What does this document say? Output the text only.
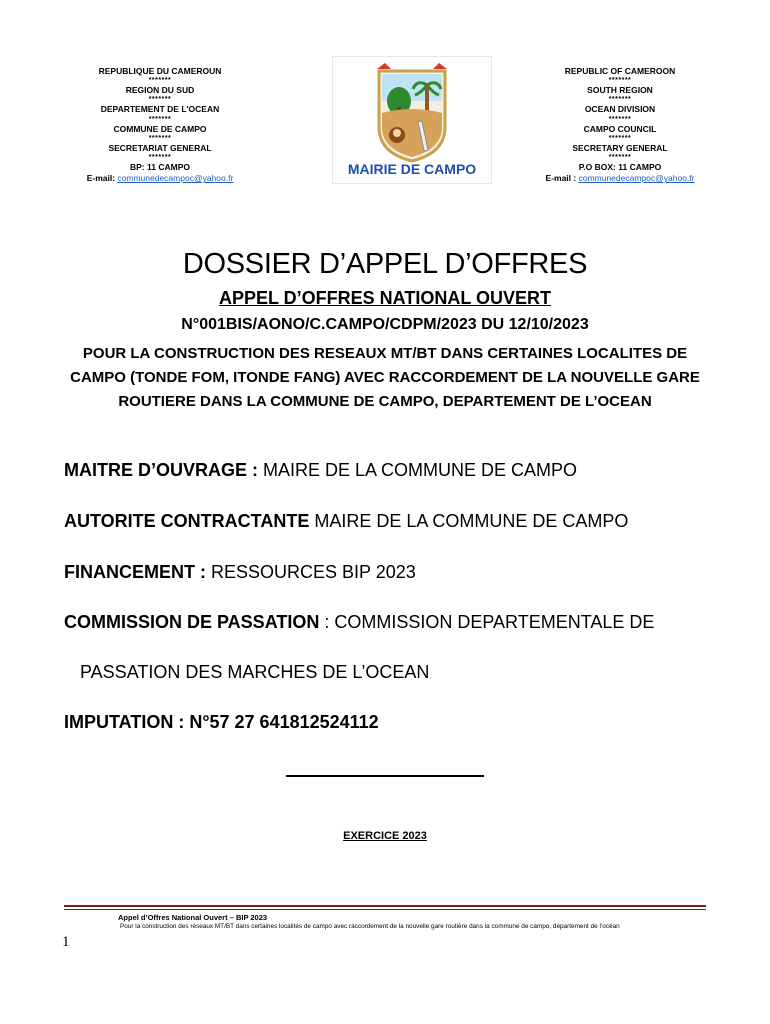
REPUBLIQUE DU CAMEROUN
*******
REGION DU SUD
*******
DEPARTEMENT DE L'OCEAN
*******
COMMUNE DE CAMPO
*******
SECRETARIAT GENERAL
*******
BP: 11 CAMPO
E-mail: communedecampoc@yahoo.fr
MAIRIE DE CAMPO
REPUBLIC OF CAMEROON
*******
SOUTH REGION
*******
OCEAN DIVISION
*******
CAMPO COUNCIL
*******
SECRETARY GENERAL
*******
P.O BOX: 11 CAMPO
E-mail : communedecampoc@yahoo.fr
DOSSIER D’APPEL D’OFFRES
APPEL D’OFFRES NATIONAL OUVERT
N°001BIS/AONO/C.CAMPO/CDPM/2023 DU 12/10/2023
POUR LA CONSTRUCTION DES RESEAUX MT/BT DANS CERTAINES LOCALITES DE CAMPO (TONDE FOM, ITONDE FANG) AVEC RACCORDEMENT DE LA NOUVELLE GARE ROUTIERE DANS LA COMMUNE DE CAMPO, DEPARTEMENT DE L’OCEAN
MAITRE D’OUVRAGE : MAIRE DE LA COMMUNE DE CAMPO
AUTORITE CONTRACTANTE MAIRE DE LA COMMUNE DE CAMPO
FINANCEMENT : RESSOURCES BIP 2023
COMMISSION DE PASSATION : COMMISSION DEPARTEMENTALE DE
PASSATION DES MARCHES DE L’OCEAN
IMPUTATION : N°57 27 641812524112
EXERCICE 2023
Appel d’Offres National Ouvert – BIP 2023
Pour la construction des réseaux MT/BT dans certaines localités de campo avec raccordement de la nouvelle gare routière dans la commune de campo, département de l’océan
1
